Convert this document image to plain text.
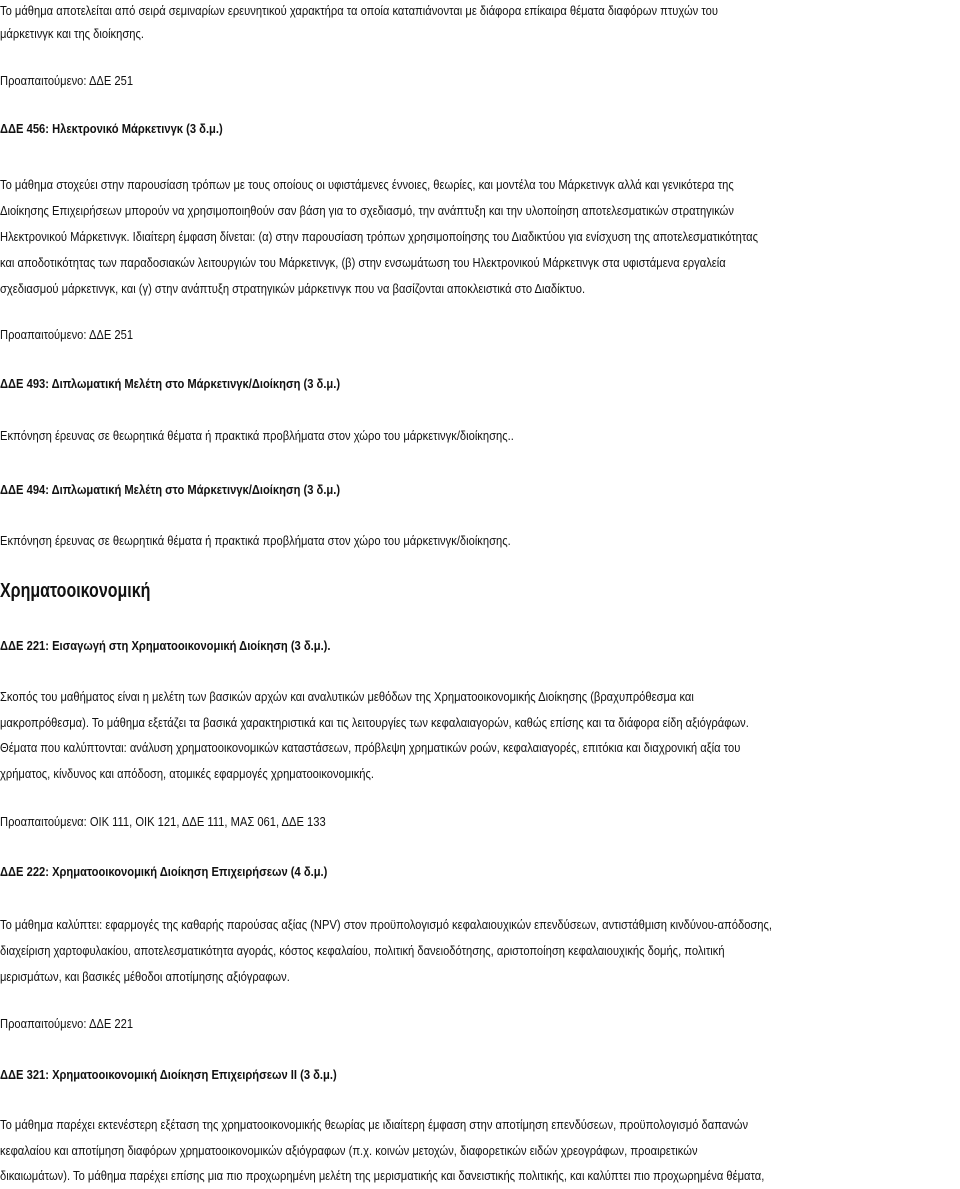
Το μάθημα αποτελείται από σειρά σεμιναρίων ερευνητικού χαρακτήρα τα οποία καταπιάνονται με διάφορα επίκαιρα θέματα διαφόρων πτυχών του
μάρκετινγκ και της διοίκησης.
Προαπαιτούμενο: ΔΔΕ 251
ΔΔΕ 456: Ηλεκτρονικό Μάρκετινγκ (3 δ.μ.)
Το μάθημα στοχεύει στην παρουσίαση τρόπων με τους οποίους οι υφιστάμενες έννοιες, θεωρίες, και μοντέλα του Μάρκετινγκ αλλά και γενικότερα της
Διοίκησης Επιχειρήσεων μπορούν να χρησιμοποιηθούν σαν βάση για το σχεδιασμό, την ανάπτυξη και την υλοποίηση αποτελεσματικών στρατηγικών
Ηλεκτρονικού Μάρκετινγκ. Ιδιαίτερη έμφαση δίνεται: (α) στην παρουσίαση τρόπων χρησιμοποίησης του Διαδικτύου για ενίσχυση της αποτελεσματικότητας
και αποδοτικότητας των παραδοσιακών λειτουργιών του Μάρκετινγκ, (β) στην ενσωμάτωση του Ηλεκτρονικού Μάρκετινγκ στα υφιστάμενα εργαλεία
σχεδιασμού μάρκετινγκ, και (γ) στην ανάπτυξη στρατηγικών μάρκετινγκ που να βασίζονται αποκλειστικά στο Διαδίκτυο.
Προαπαιτούμενο: ΔΔΕ 251
ΔΔΕ 493: Διπλωματική Μελέτη στο Μάρκετινγκ/Διοίκηση (3 δ.μ.)
Εκπόνηση έρευνας σε θεωρητικά θέματα ή πρακτικά προβλήματα στον χώρο του μάρκετινγκ/διοίκησης..
ΔΔΕ 494: Διπλωματική Μελέτη στο Μάρκετινγκ/Διοίκηση (3 δ.μ.)
Εκπόνηση έρευνας σε θεωρητικά θέματα ή πρακτικά προβλήματα στον χώρο του μάρκετινγκ/διοίκησης.
Χρηματοοικονομική
ΔΔΕ 221: Εισαγωγή στη Χρηματοοικονομική Διοίκηση (3 δ.μ.).
Σκοπός του μαθήματος είναι η μελέτη των βασικών αρχών και αναλυτικών μεθόδων της Χρηματοοικονομικής Διοίκησης (βραχυπρόθεσμα και
μακροπρόθεσμα). Το μάθημα εξετάζει τα βασικά χαρακτηριστικά και τις λειτουργίες των κεφαλαιαγορών, καθώς επίσης και τα διάφορα είδη αξιόγράφων.
Θέματα που καλύπτονται: ανάλυση χρηματοοικονομικών καταστάσεων, πρόβλεψη χρηματικών ροών, κεφαλαιαγορές, επιτόκια και διαχρονική αξία του
χρήματος, κίνδυνος και απόδοση, ατομικές εφαρμογές χρηματοοικονομικής.
Προαπαιτούμενα: ΟΙΚ 111, ΟΙΚ 121, ΔΔΕ 111, ΜΑΣ 061, ΔΔΕ 133
ΔΔΕ 222: Χρηματοοικονομική Διοίκηση Επιχειρήσεων (4 δ.μ.)
Το μάθημα καλύπτει: εφαρμογές της καθαρής παρούσας αξίας (NPV) στον προϋπολογισμό κεφαλαιουχικών επενδύσεων, αντιστάθμιση κινδύνου-απόδοσης,
διαχείριση χαρτοφυλακίου, αποτελεσματικότητα αγοράς, κόστος κεφαλαίου, πολιτική δανειοδότησης, αριστοποίηση κεφαλαιουχικής δομής, πολιτική
μερισμάτων, και βασικές μέθοδοι αποτίμησης αξιόγραφων.
Προαπαιτούμενο: ΔΔΕ 221
ΔΔΕ 321: Χρηματοοικονομική Διοίκηση Επιχειρήσεων ΙΙ (3 δ.μ.)
Το μάθημα παρέχει εκτενέστερη εξέταση της χρηματοοικονομικής θεωρίας με ιδιαίτερη έμφαση στην αποτίμηση επενδύσεων, προϋπολογισμό δαπανών
κεφαλαίου και αποτίμηση διαφόρων χρηματοοικονομικών αξιόγραφων (π.χ. κοινών μετοχών, διαφορετικών ειδών χρεογράφων, προαιρετικών
δικαιωμάτων). Το μάθημα παρέχει επίσης μια πιο προχωρημένη μελέτη της μερισματικής και δανειστικής πολιτικής, και καλύπτει πιο προχωρημένα θέματα,
